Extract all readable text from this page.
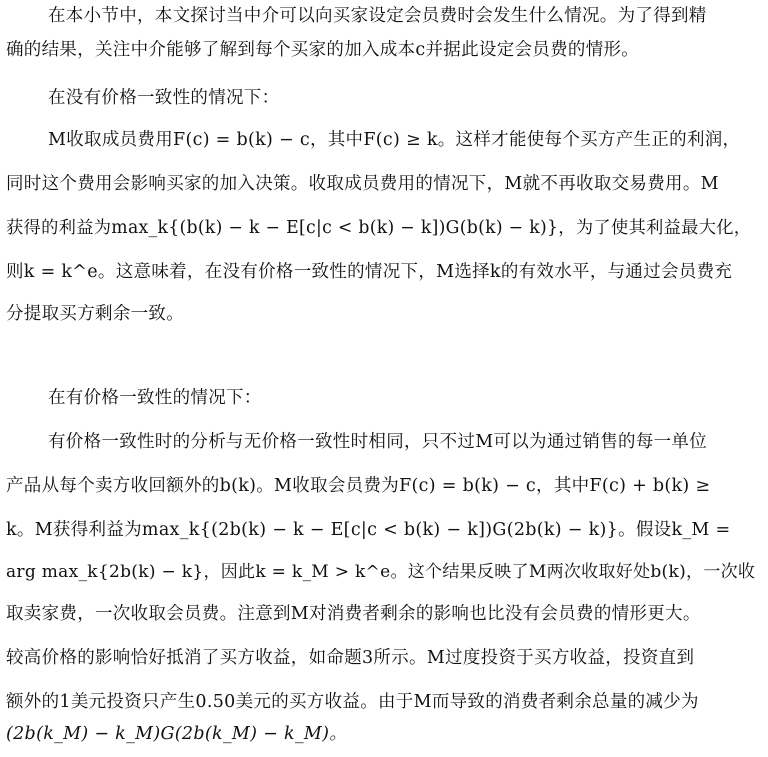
在本小节中，本文探讨当中介可以向买家设定会员费时会发生什么情况。为了得到精
确的结果，关注中介能够了解到每个买家的加入成本c并据此设定会员费的情形。
在没有价格一致性的情况下：
M收取成员费用F(c) = b(k) − c，其中F(c) ≥ k。这样才能使每个买方产生正的利润，
同时这个费用会影响买家的加入决策。收取成员费用的情况下，M就不再收取交易费用。M
获得的利益为max_k{(b(k) − k − E[c|c < b(k) − k])G(b(k) − k)}，为了使其利益最大化，
则k = k^e。这意味着，在没有价格一致性的情况下，M选择k的有效水平，与通过会员费充
分提取买方剩余一致。
在有价格一致性的情况下：
有价格一致性时的分析与无价格一致性时相同，只不过M可以为通过销售的每一单位
产品从每个卖方收回额外的b(k)。M收取会员费为F(c) = b(k) − c，其中F(c) + b(k) ≥
k。M获得利益为max_k{(2b(k) − k − E[c|c < b(k) − k])G(2b(k) − k)}。假设k_M =
arg max_k{2b(k) − k}，因此k = k_M > k^e。这个结果反映了M两次收取好处b(k)，一次收
取卖家费，一次收取会员费。注意到M对消费者剩余的影响也比没有会员费的情形更大。
较高价格的影响恰好抵消了买方收益，如命题3所示。M过度投资于买方收益，投资直到
额外的1美元投资只产生0.50美元的买方收益。由于M而导致的消费者剩余总量的减少为
(2b(k_M) − k_M)G(2b(k_M) − k_M)。
